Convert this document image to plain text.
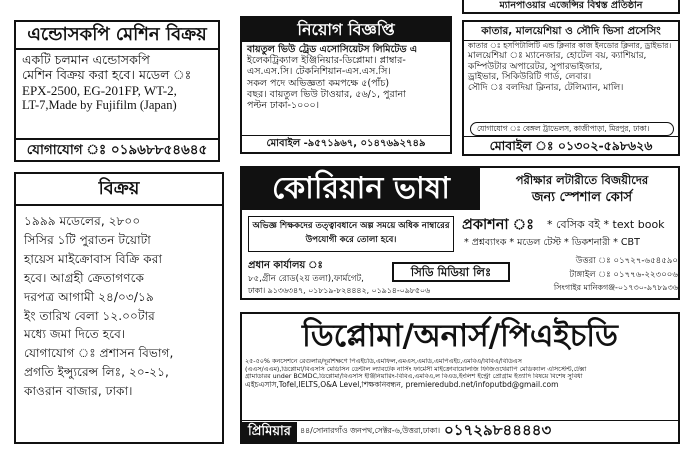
ম্যানপাওয়ার এজেন্সির বিশ্বস্ত প্রতিষ্ঠান
এন্ডোসকপি মেশিন বিক্রয়

একটি চলমান এন্ডোসকপি

মেশিন বিক্রয় করা হবে। মডেল ঃ

EPX-2500, EG-201FP, WT-2,

LT-7,Made by Fujifilm (Japan)

যোগাযোগ ঃ ০১৯৬৮৮৫৪৬৪৫
নিয়োগ বিজ্ঞপ্তি

বায়তুল ভিউ ট্রেড এসোসিয়েটস লিমিটেড এ

ইলেকট্রিক্যাল ইঞ্জিনিয়ার-ডিপ্লোমা। প্লাম্বার-

এস.এস.সি। টেকনিশিয়ান-এস.এস.সি।

সকল পদে অভিজ্ঞতা কমপক্ষে ৫(পাঁচ)

বছর। বায়তুল ভিউ টাওয়ার, ৫৬/১, পুরানা

পল্টন ঢাকা-১০০০।

মোবাইল -৯৫৭১৯৬৭, ০১৪৭৬৯২৭৪৯
কাতার, মালয়েশিয়া ও সৌদি ভিসা প্রসেসিং

কাতার ঃ হসপিটালিটি এন্ড ক্লিনার কাজ ইনডোর ক্লিনার, ড্রাইভার।

মালয়েশিয়া ঃ ম্যানেজার, হোটেল বয়, ক্যাশিয়ার,

কম্পিউটার অপারেটর, সুপারভাইজার,

ড্রাইভার, সিকিউরিটি গার্ড, লেবার।

সৌদি ঃ বলদিয়া ক্লিনার, টেলিম্যান, মালি।

যোগাযোগ ঃ বেঙ্গল ট্রাভেলস, কাজীপাড়া, মিরপুর, ঢাকা।
মোবাইল ঃ ০১৩০২-৫৯৮৬২৬
বিক্রয়

১৯৯৯ মডেলের, ২৮০০

সিসির ১টি পুরাতন টয়োটা

হায়েস মাইক্রোবাস বিক্রি করা

হবে। আগ্রহী ক্রেতাগণকে

দরপত্র আগামী ২৪/০৩/১৯

ইং তারিখ বেলা ১২.০০টার

মধ্যে জমা দিতে হবে।

যোগাযোগ ঃ প্রশাসন বিভাগ,

প্রগতি ইন্স্যুরেন্স লিঃ, ২০-২১,

কাওরান বাজার, ঢাকা।

কোরিয়ান ভাষা	পরীক্ষার লটারীতে বিজয়ীদের
জন্য স্পেশাল কোর্স
অভিজ্ঞ শিক্ষকদের তত্ত্বাবধানে অল্প সময়ে অধিক নাম্বারের উপযোগী করে তোলা হবে।
প্রকাশনা ঃ * বেসিক বই * text book
* প্রশ্নব্যাংক * মডেল টেস্ট * ডিকশনারী * CBT
প্রধান কার্যালয় ঃ
৮৫,গ্রীন রোড(২য় তলা),ফার্মগেট,
ঢাকা। ৯১৩৬৩৪৭, ০১৮১৯-৮২৪৪৪২, ০১৯১৪-০৯৮৫০৬
সিডি মিডিয়া লিঃ
উত্তরা ঃ ০১৭২৭-৬৫৪৫৯০
টাঙ্গাইল ঃ ০১৭৭৬-২২৩০০৬
সিংগাইর মানিকগঞ্জ-০১৭৩০-৯৭৮৯৩৬
ডিপ্লোমা/অনার্স/পিএইচডি

২৫-৫০% কনসেশনে রেগুলার/দূরশিক্ষণে পিএইচডি,এমফিল,এমএস,এমডি,এমপিএইচ,এমবিএ/বিবিএ/বিডিএস

(এএস/এএম),ডিপ্লোমা/বিএসসি মেডিসিন ডেন্টাল ল্যাবটেক নার্সিং ফার্মেসী মাইক্রোবায়োলজি ফিজিওথেরাপি মেডিক্যাল এসিস্টেন্ট,টেক্সা

গ্রামাডারর under BCMDC,ডিপ্লোমা/বিএসসি ইঞ্জিনিয়ারিং-বিবিএ,এমবিএ,ল বিএড,ইংলিশ ইন্ট্রো প্রোগ্রাম ইত্যাদি বিষয়ে বিশেষ সুবিধা

এইচএসসি,Tofel,IELTS,O&A Level,শিক্ষকনিবন্ধন, premieredubd.net/infoputbd@gmail.com

প্রিমিয়ার	৪৪/সোনারগাঁও জনপথ,সেক্টর-৬,উত্তরা,ঢাকা। ০১৭২৯৮৪৪৪৪৩
